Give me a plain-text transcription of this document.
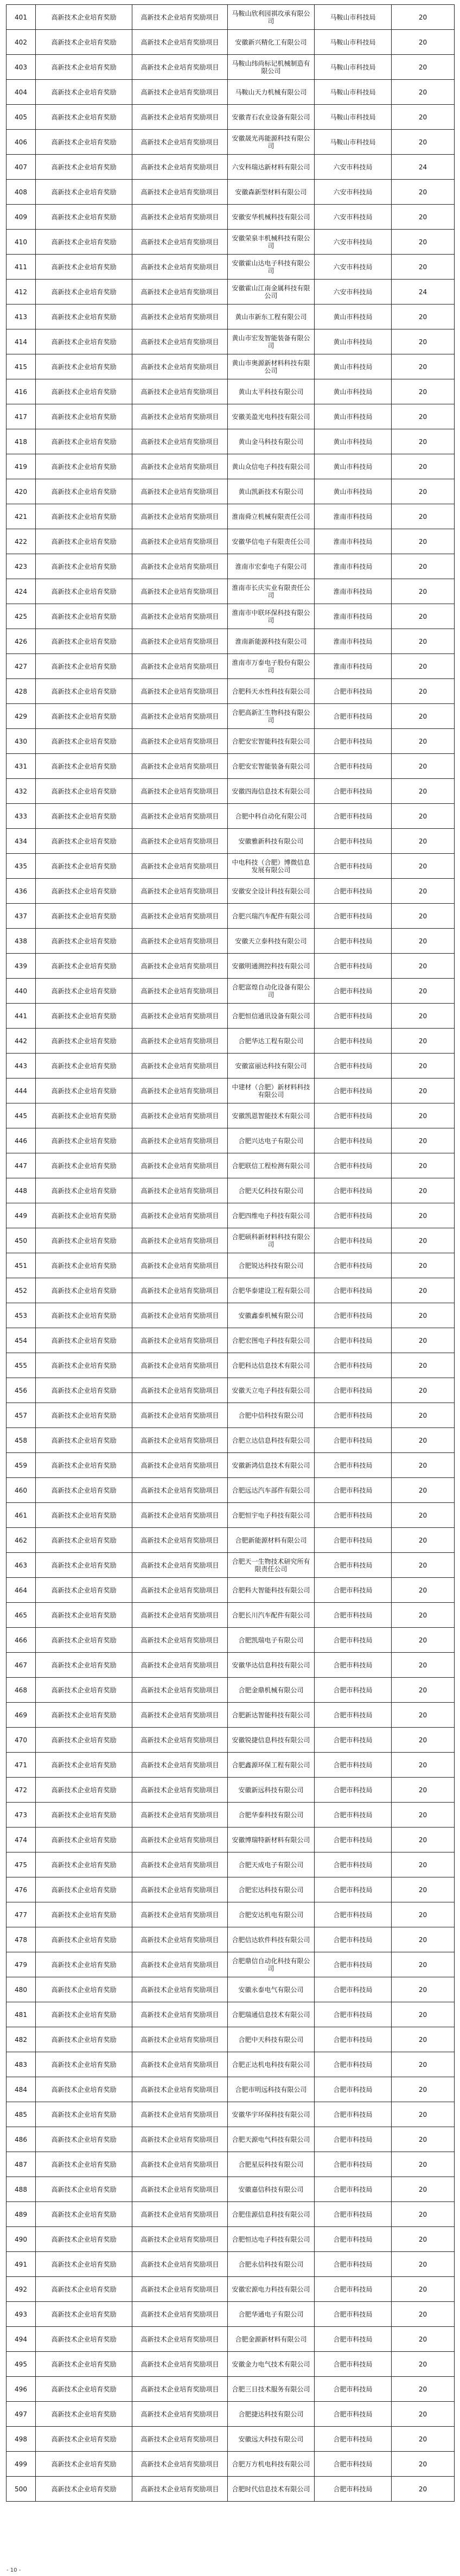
401	高新技术企业培育奖励	高新技术企业培育奖励项目	马鞍山欣利园祺攻承有限公司	马鞍山市科技局	20
402	高新技术企业培育奖励	高新技术企业培育奖励项目	安徽新兴精化工有限公司	马鞍山市科技局	20
403	高新技术企业培育奖励	高新技术企业培育奖励项目	马鞍山纬尚标记机械制造有限公司	马鞍山市科技局	20
404	高新技术企业培育奖励	高新技术企业培育奖励项目	马鞍山天力机械有限公司	马鞍山市科技局	20
405	高新技术企业培育奖励	高新技术企业培育奖励项目	安徽青石农业设备有限公司	马鞍山市科技局	20
406	高新技术企业培育奖励	高新技术企业培育奖励项目	安徽晟光再能源科技有限公司	马鞍山市科技局	20
407	高新技术企业培育奖励	高新技术企业培育奖励项目	六安科瑞达新材料有限公司	六安市科技局	24
408	高新技术企业培育奖励	高新技术企业培育奖励项目	安徽森新型材料有限公司	六安市科技局	20
409	高新技术企业培育奖励	高新技术企业培育奖励项目	安徽安华机械科技有限公司	六安市科技局	20
410	高新技术企业培育奖励	高新技术企业培育奖励项目	安徽荣泉丰机械科技有限公司	六安市科技局	20
411	高新技术企业培育奖励	高新技术企业培育奖励项目	安徽霍山达电子科技有限公司	六安市科技局	20
412	高新技术企业培育奖励	高新技术企业培育奖励项目	安徽霍山江南金属科技有限公司	六安市科技局	24
413	高新技术企业培育奖励	高新技术企业培育奖励项目	黄山市新东工程有限公司	黄山市科技局	20
414	高新技术企业培育奖励	高新技术企业培育奖励项目	黄山市宏发智能装备有限公司	黄山市科技局	20
415	高新技术企业培育奖励	高新技术企业培育奖励项目	黄山市奥源新材料科技有限公司	黄山市科技局	20
416	高新技术企业培育奖励	高新技术企业培育奖励项目	黄山太平科技有限公司	黄山市科技局	20
417	高新技术企业培育奖励	高新技术企业培育奖励项目	安徽美盈光电科技有限公司	黄山市科技局	20
418	高新技术企业培育奖励	高新技术企业培育奖励项目	黄山金马科技有限公司	黄山市科技局	20
419	高新技术企业培育奖励	高新技术企业培育奖励项目	黄山众信电子科技有限公司	黄山市科技局	20
420	高新技术企业培育奖励	高新技术企业培育奖励项目	黄山凯新技术有限公司	黄山市科技局	20
421	高新技术企业培育奖励	高新技术企业培育奖励项目	淮南舜立机械有限责任公司	淮南市科技局	20
422	高新技术企业培育奖励	高新技术企业培育奖励项目	安徽华信电子有限责任公司	淮南市科技局	20
423	高新技术企业培育奖励	高新技术企业培育奖励项目	淮南市宏泰电子有限公司	淮南市科技局	20
424	高新技术企业培育奖励	高新技术企业培育奖励项目	淮南市长庆实业有限责任公司	淮南市科技局	20
425	高新技术企业培育奖励	高新技术企业培育奖励项目	淮南市中联环保科技有限公司	淮南市科技局	20
426	高新技术企业培育奖励	高新技术企业培育奖励项目	淮南新能源科技有限公司	淮南市科技局	20
427	高新技术企业培育奖励	高新技术企业培育奖励项目	淮南市万泰电子股份有限公司	淮南市科技局	20
428	高新技术企业培育奖励	高新技术企业培育奖励项目	合肥科天水性科技有限公司	合肥市科技局	20
429	高新技术企业培育奖励	高新技术企业培育奖励项目	合肥高新汇生物科技有限公司	合肥市科技局	20
430	高新技术企业培育奖励	高新技术企业培育奖励项目	合肥安宏智能科技有限公司	合肥市科技局	20
431	高新技术企业培育奖励	高新技术企业培育奖励项目	合肥安宏智能装备有限公司	合肥市科技局	20
432	高新技术企业培育奖励	高新技术企业培育奖励项目	安徽四海信息技术有限公司	合肥市科技局	20
433	高新技术企业培育奖励	高新技术企业培育奖励项目	合肥中科自动化有限公司	合肥市科技局	20
434	高新技术企业培育奖励	高新技术企业培育奖励项目	安徽雅新科技有限公司	合肥市科技局	20
435	高新技术企业培育奖励	高新技术企业培育奖励项目	中电科技（合肥）博微信息发展有限公司	合肥市科技局	20
436	高新技术企业培育奖励	高新技术企业培育奖励项目	安徽安全设计科技有限公司	合肥市科技局	20
437	高新技术企业培育奖励	高新技术企业培育奖励项目	合肥兴瑞汽车配件有限公司	合肥市科技局	20
438	高新技术企业培育奖励	高新技术企业培育奖励项目	安徽天立泰科技有限公司	合肥市科技局	20
439	高新技术企业培育奖励	高新技术企业培育奖励项目	安徽明通测控科技有限公司	合肥市科技局	20
440	高新技术企业培育奖励	高新技术企业培育奖励项目	合肥富煌自动化设备有限公司	合肥市科技局	20
441	高新技术企业培育奖励	高新技术企业培育奖励项目	合肥恒信通讯设备有限公司	合肥市科技局	20
442	高新技术企业培育奖励	高新技术企业培育奖励项目	合肥华达工程有限公司	合肥市科技局	20
443	高新技术企业培育奖励	高新技术企业培育奖励项目	安徽富丽达科技有限公司	合肥市科技局	20
444	高新技术企业培育奖励	高新技术企业培育奖励项目	中建材（合肥）新材料科技有限公司	合肥市科技局	20
445	高新技术企业培育奖励	高新技术企业培育奖励项目	安徽凯恩智能技术有限公司	合肥市科技局	20
446	高新技术企业培育奖励	高新技术企业培育奖励项目	合肥兴达电子有限公司	合肥市科技局	20
447	高新技术企业培育奖励	高新技术企业培育奖励项目	合肥联信工程检测有限公司	合肥市科技局	20
448	高新技术企业培育奖励	高新技术企业培育奖励项目	合肥天亿科技有限公司	合肥市科技局	20
449	高新技术企业培育奖励	高新技术企业培育奖励项目	合肥四维电子科技有限公司	合肥市科技局	20
450	高新技术企业培育奖励	高新技术企业培育奖励项目	合肥硕科新材料科技有限公司	合肥市科技局	20
451	高新技术企业培育奖励	高新技术企业培育奖励项目	合肥锐达科技有限公司	合肥市科技局	20
452	高新技术企业培育奖励	高新技术企业培育奖励项目	合肥华泰建设工程有限公司	合肥市科技局	20
453	高新技术企业培育奖励	高新技术企业培育奖励项目	安徽鑫泰机械有限公司	合肥市科技局	20
454	高新技术企业培育奖励	高新技术企业培育奖励项目	合肥宏图电子科技有限公司	合肥市科技局	20
455	高新技术企业培育奖励	高新技术企业培育奖励项目	合肥科达信息技术有限公司	合肥市科技局	20
456	高新技术企业培育奖励	高新技术企业培育奖励项目	安徽天立电子科技有限公司	合肥市科技局	20
457	高新技术企业培育奖励	高新技术企业培育奖励项目	合肥中信科技有限公司	合肥市科技局	20
458	高新技术企业培育奖励	高新技术企业培育奖励项目	合肥立达信息科技有限公司	合肥市科技局	20
459	高新技术企业培育奖励	高新技术企业培育奖励项目	安徽新鸿信息技术有限公司	合肥市科技局	20
460	高新技术企业培育奖励	高新技术企业培育奖励项目	合肥远达汽车部件有限公司	合肥市科技局	20
461	高新技术企业培育奖励	高新技术企业培育奖励项目	合肥恒宇电子科技有限公司	合肥市科技局	20
462	高新技术企业培育奖励	高新技术企业培育奖励项目	合肥新能源材料有限公司	合肥市科技局	20
463	高新技术企业培育奖励	高新技术企业培育奖励项目	合肥天一生物技术研究所有限责任公司	合肥市科技局	20
464	高新技术企业培育奖励	高新技术企业培育奖励项目	合肥科大智能科技有限公司	合肥市科技局	20
465	高新技术企业培育奖励	高新技术企业培育奖励项目	合肥长川汽车配件有限公司	合肥市科技局	20
466	高新技术企业培育奖励	高新技术企业培育奖励项目	合肥凯瑞电子有限公司	合肥市科技局	20
467	高新技术企业培育奖励	高新技术企业培育奖励项目	安徽华达信息科技有限公司	合肥市科技局	20
468	高新技术企业培育奖励	高新技术企业培育奖励项目	合肥金鼎机械有限公司	合肥市科技局	20
469	高新技术企业培育奖励	高新技术企业培育奖励项目	合肥新达智能科技有限公司	合肥市科技局	20
470	高新技术企业培育奖励	高新技术企业培育奖励项目	安徽锐捷信息科技有限公司	合肥市科技局	20
471	高新技术企业培育奖励	高新技术企业培育奖励项目	合肥鑫源环保工程有限公司	合肥市科技局	20
472	高新技术企业培育奖励	高新技术企业培育奖励项目	安徽新远科技有限公司	合肥市科技局	20
473	高新技术企业培育奖励	高新技术企业培育奖励项目	合肥华泰科技有限公司	合肥市科技局	20
474	高新技术企业培育奖励	高新技术企业培育奖励项目	安徽博瑞特新材料有限公司	合肥市科技局	20
475	高新技术企业培育奖励	高新技术企业培育奖励项目	合肥天成电子有限公司	合肥市科技局	20
476	高新技术企业培育奖励	高新技术企业培育奖励项目	合肥宏达科技有限公司	合肥市科技局	20
477	高新技术企业培育奖励	高新技术企业培育奖励项目	合肥安达机电有限公司	合肥市科技局	20
478	高新技术企业培育奖励	高新技术企业培育奖励项目	合肥信达软件科技有限公司	合肥市科技局	20
479	高新技术企业培育奖励	高新技术企业培育奖励项目	合肥鼎信自动化科技有限公司	合肥市科技局	20
480	高新技术企业培育奖励	高新技术企业培育奖励项目	安徽永泰电气有限公司	合肥市科技局	20
481	高新技术企业培育奖励	高新技术企业培育奖励项目	合肥瑞通信息技术有限公司	合肥市科技局	20
482	高新技术企业培育奖励	高新技术企业培育奖励项目	合肥中天科技有限公司	合肥市科技局	20
483	高新技术企业培育奖励	高新技术企业培育奖励项目	合肥正达机电科技有限公司	合肥市科技局	20
484	高新技术企业培育奖励	高新技术企业培育奖励项目	合肥市明远科技有限公司	合肥市科技局	20
485	高新技术企业培育奖励	高新技术企业培育奖励项目	安徽华宇环保科技有限公司	合肥市科技局	20
486	高新技术企业培育奖励	高新技术企业培育奖励项目	合肥天源电气科技有限公司	合肥市科技局	20
487	高新技术企业培育奖励	高新技术企业培育奖励项目	合肥星辰科技有限公司	合肥市科技局	20
488	高新技术企业培育奖励	高新技术企业培育奖励项目	安徽嘉信科技有限公司	合肥市科技局	20
489	高新技术企业培育奖励	高新技术企业培育奖励项目	合肥佳源信息科技有限公司	合肥市科技局	20
490	高新技术企业培育奖励	高新技术企业培育奖励项目	合肥恒达电子科技有限公司	合肥市科技局	20
491	高新技术企业培育奖励	高新技术企业培育奖励项目	合肥永信科技有限公司	合肥市科技局	20
492	高新技术企业培育奖励	高新技术企业培育奖励项目	安徽宏源电力科技有限公司	合肥市科技局	20
493	高新技术企业培育奖励	高新技术企业培育奖励项目	合肥华通电子有限公司	合肥市科技局	20
494	高新技术企业培育奖励	高新技术企业培育奖励项目	合肥金源新材料有限公司	合肥市科技局	20
495	高新技术企业培育奖励	高新技术企业培育奖励项目	安徽金力电气技术有限公司	合肥市科技局	20
496	高新技术企业培育奖励	高新技术企业培育奖励项目	合肥三日技术服务有限公司	合肥市科技局	20
497	高新技术企业培育奖励	高新技术企业培育奖励项目	合肥捷达科技有限公司	合肥市科技局	20
498	高新技术企业培育奖励	高新技术企业培育奖励项目	安徽远大科技有限公司	合肥市科技局	20
499	高新技术企业培育奖励	高新技术企业培育奖励项目	合肥万方机电科技有限公司	合肥市科技局	20
500	高新技术企业培育奖励	高新技术企业培育奖励项目	合肥时代信息技术有限公司	合肥市科技局	20
- 10 -
